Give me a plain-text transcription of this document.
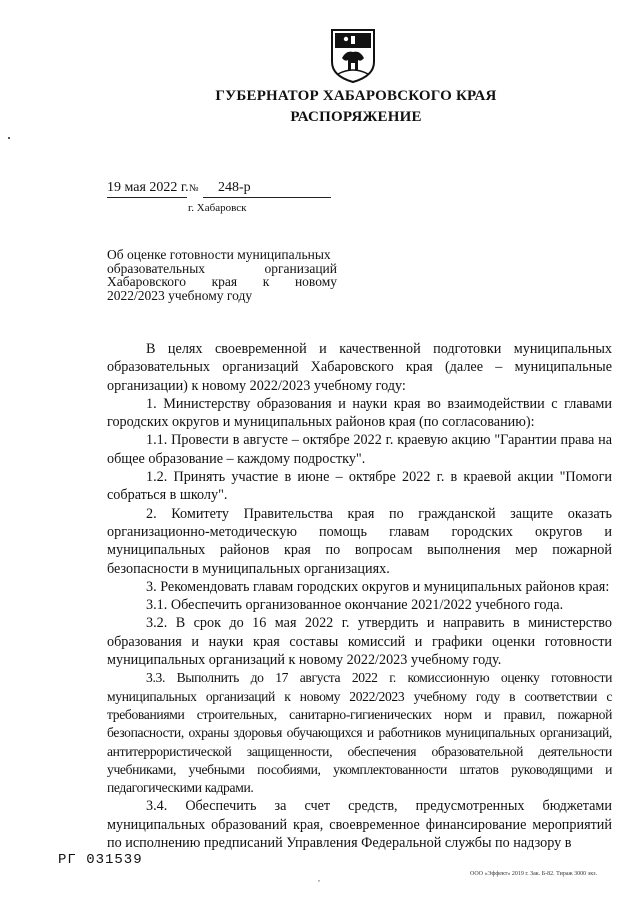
ГУБЕРНАТОР ХАБАРОВСКОГО КРАЯ
РАСПОРЯЖЕНИЕ
19 мая 2022 г. № 248-р
г. Хабаровск
Об оценке готовности муниципальных
образовательных организаций
Хабаровского края к новому
2022/2023 учебному году

В целях своевременной и качественной подготовки муниципальных образовательных организаций Хабаровского края (далее – муниципальные организации) к новому 2022/2023 учебному году:

1. Министерству образования и науки края во взаимодействии с главами городских округов и муниципальных районов края (по согласованию):

1.1. Провести в августе – октябре 2022 г. краевую акцию "Гарантии права на общее образование – каждому подростку".

1.2. Принять участие в июне – октябре 2022 г. в краевой акции "Помоги собраться в школу".

2. Комитету Правительства края по гражданской защите оказать организационно-методическую помощь главам городских округов и муниципальных районов края по вопросам выполнения мер пожарной безопасности в муниципальных организациях.

3. Рекомендовать главам городских округов и муниципальных районов края:

3.1. Обеспечить организованное окончание 2021/2022 учебного года.

3.2. В срок до 16 мая 2022 г. утвердить и направить в министерство образования и науки края составы комиссий и графики оценки готовности муниципальных организаций к новому 2022/2023 учебному году.

3.3. Выполнить до 17 августа 2022 г. комиссионную оценку готовности муниципальных организаций к новому 2022/2023 учебному году в соответствии с требованиями строительных, санитарно-гигиенических норм и правил, пожарной безопасности, охраны здоровья обучающихся и работников муниципальных организаций, антитеррористической защищенности, обеспечения образовательной деятельности учебниками, учебными пособиями, укомплектованности штатов руководящими и педагогическими кадрами.

3.4. Обеспечить за счет средств, предусмотренных бюджетами муниципальных образований края, своевременное финансирование мероприятий по исполнению предписаний Управления Федеральной службы по надзору в

РГ 031539
,	ООО «Эффект» 2019 г. Зак. Б-82. Тираж 3000 экз.
